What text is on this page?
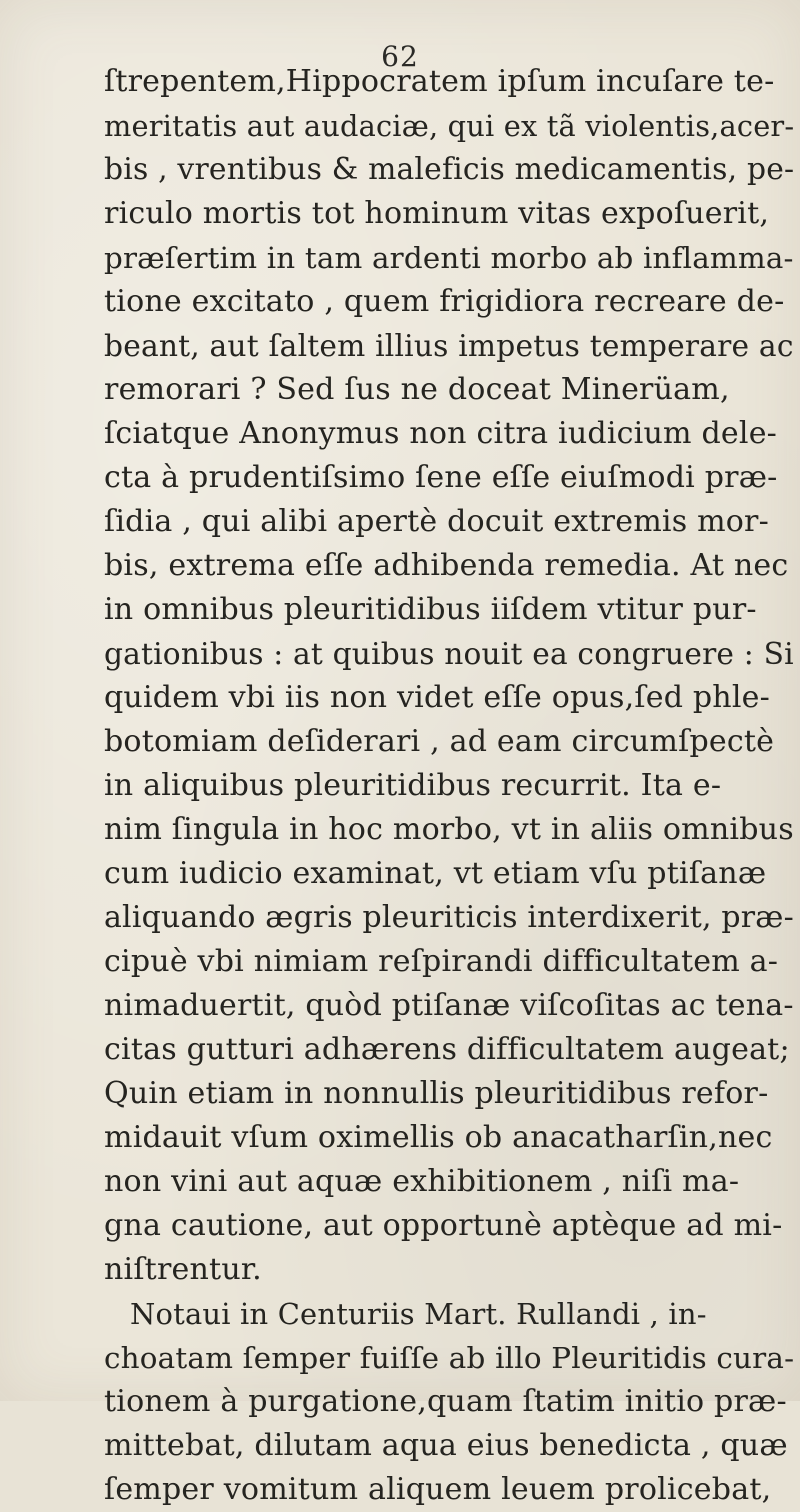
62
ſtrepentem,Hippocratem ipſum incuſare te-
meritatis aut audaciæ, qui ex tã violentis,acer-
bis , vrentibus & maleficis medicamentis, pe-
riculo mortis tot hominum vitas expoſuerit,
præſertim in tam ardenti morbo ab inflamma-
tione excitato , quem frigidiora recreare de-
beant, aut ſaltem illius impetus temperare ac
remorari ? Sed ſus ne doceat Minerüam,
ſciatque Anonymus non citra iudicium dele-
cta à prudentiſsimo ſene eſſe eiuſmodi præ-
ſidia , qui alibi apertè docuit extremis mor-
bis, extrema eſſe adhibenda remedia. At nec
in omnibus pleuritidibus iiſdem vtitur pur-
gationibus : at quibus nouit ea congruere : Si
quidem vbi iis non videt eſſe opus,ſed phle-
botomiam deſiderari , ad eam circumſpectè
in aliquibus pleuritidibus recurrit. Ita e-
nim ſingula in hoc morbo, vt in aliis omnibus
cum iudicio examinat, vt etiam vſu ptiſanæ
aliquando ægris pleuriticis interdixerit, præ-
cipuè vbi nimiam reſpirandi difficultatem a-
nimaduertit, quòd ptiſanæ viſcoſitas ac tena-
citas gutturi adhærens difficultatem augeat;
Quin etiam in nonnullis pleuritidibus refor-
midauit vſum oximellis ob anacatharſin,nec
non vini aut aquæ exhibitionem , niſi ma-
gna cautione, aut opportunè aptèque ad mi-
niſtrentur.
Notaui in Centuriis Mart. Rullandi , in-
choatam ſemper fuiſſe ab illo Pleuritidis cura-
tionem à purgatione,quam ſtatim initio præ-
mittebat, dilutam aqua eius benedicta , quæ
ſemper vomitum aliquem leuem prolicebat,
